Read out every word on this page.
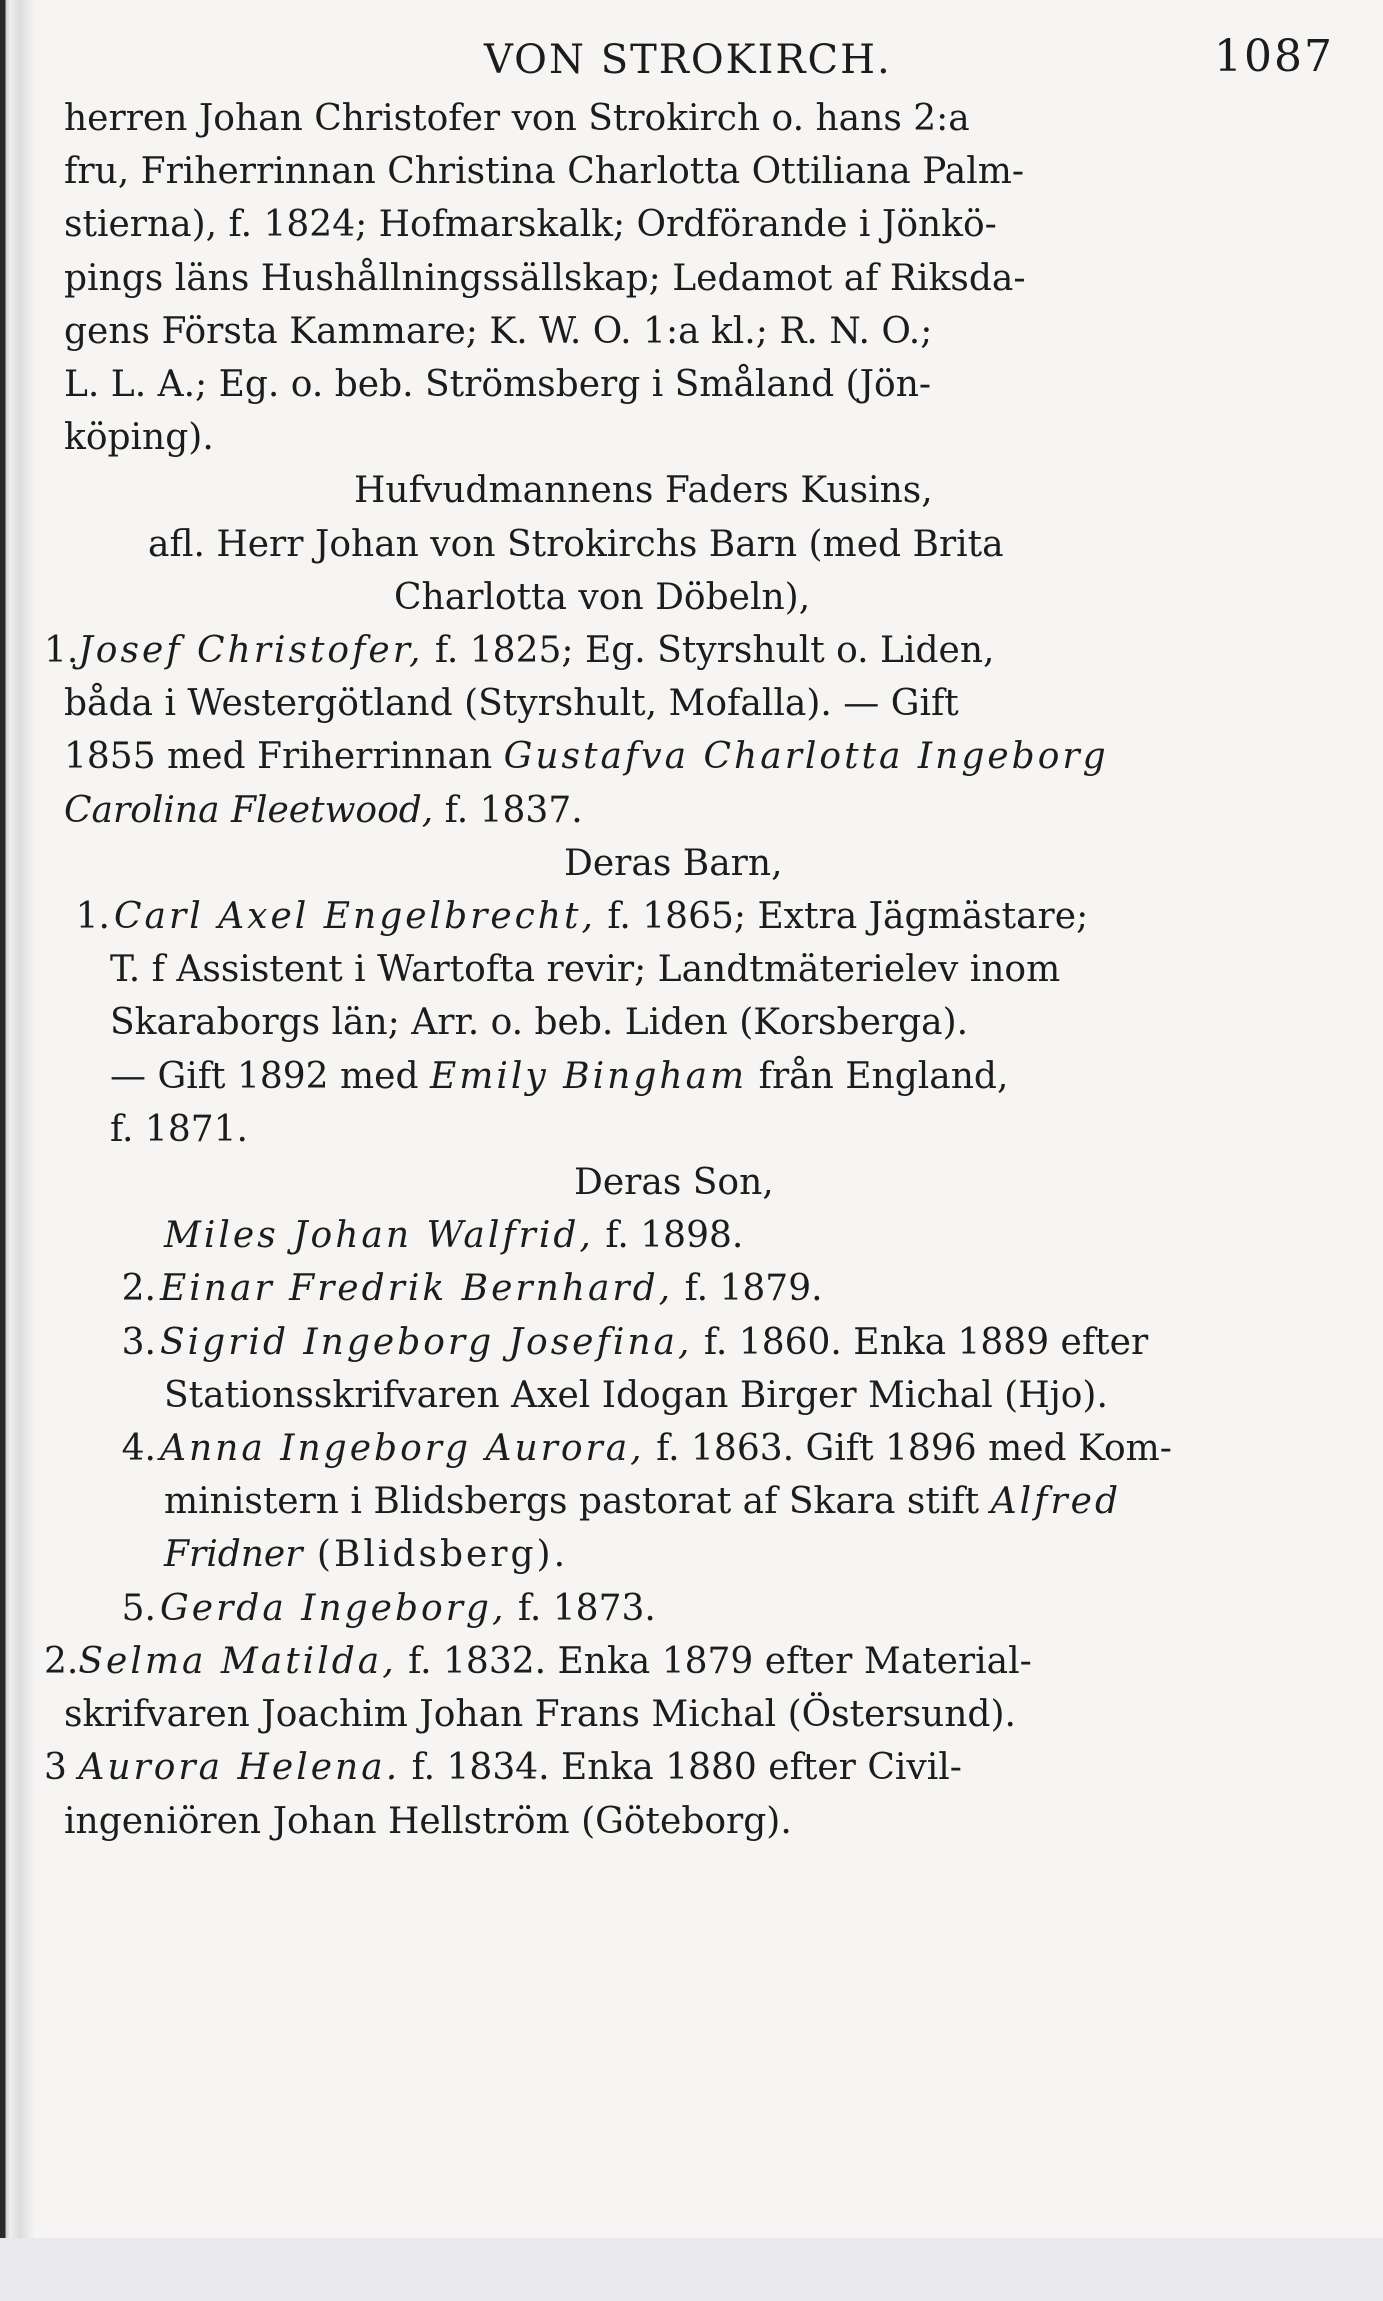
VON STROKIRCH.	1087
herren Johan Christofer von Strokirch o. hans 2:a
fru, Friherrinnan Christina Charlotta Ottiliana Palm-
stierna), f. 1824; Hofmarskalk; Ordförande i Jönkö-
pings läns Hushållningssällskap; Ledamot af Riksda-
gens Första Kammare; K. W. O. 1:a kl.; R. N. O.;
L. L. A.; Eg. o. beb. Strömsberg i Småland (Jön-
köping).
Hufvudmannens Faders Kusins,
afl. Herr Johan von Strokirchs Barn (med Brita
Charlotta von Döbeln),
1.Josef Christofer, f. 1825; Eg. Styrshult o. Liden,
båda i Westergötland (Styrshult, Mofalla). — Gift
1855 med Friherrinnan Gustafva Charlotta Ingeborg
Carolina Fleetwood, f. 1837.
Deras Barn,
1. Carl Axel Engelbrecht, f. 1865; Extra Jägmästare;
T. f Assistent i Wartofta revir; Landtmäterielev inom
Skaraborgs län; Arr. o. beb. Liden (Korsberga).
— Gift 1892 med Emily Bingham från England,
f. 1871.
Deras Son,
Miles Johan Walfrid, f. 1898.
2. Einar Fredrik Bernhard, f. 1879.
3. Sigrid Ingeborg Josefina, f. 1860. Enka 1889 efter
Stationsskrifvaren Axel Idogan Birger Michal (Hjo).
4. Anna Ingeborg Aurora, f. 1863. Gift 1896 med Kom-
ministern i Blidsbergs pastorat af Skara stift Alfred
Fridner (Blidsberg).
5. Gerda Ingeborg, f. 1873.
2.Selma Matilda, f. 1832. Enka 1879 efter Material-
skrifvaren Joachim Johan Frans Michal (Östersund).
3 Aurora Helena. f. 1834. Enka 1880 efter Civil-
ingeniören Johan Hellström (Göteborg).
